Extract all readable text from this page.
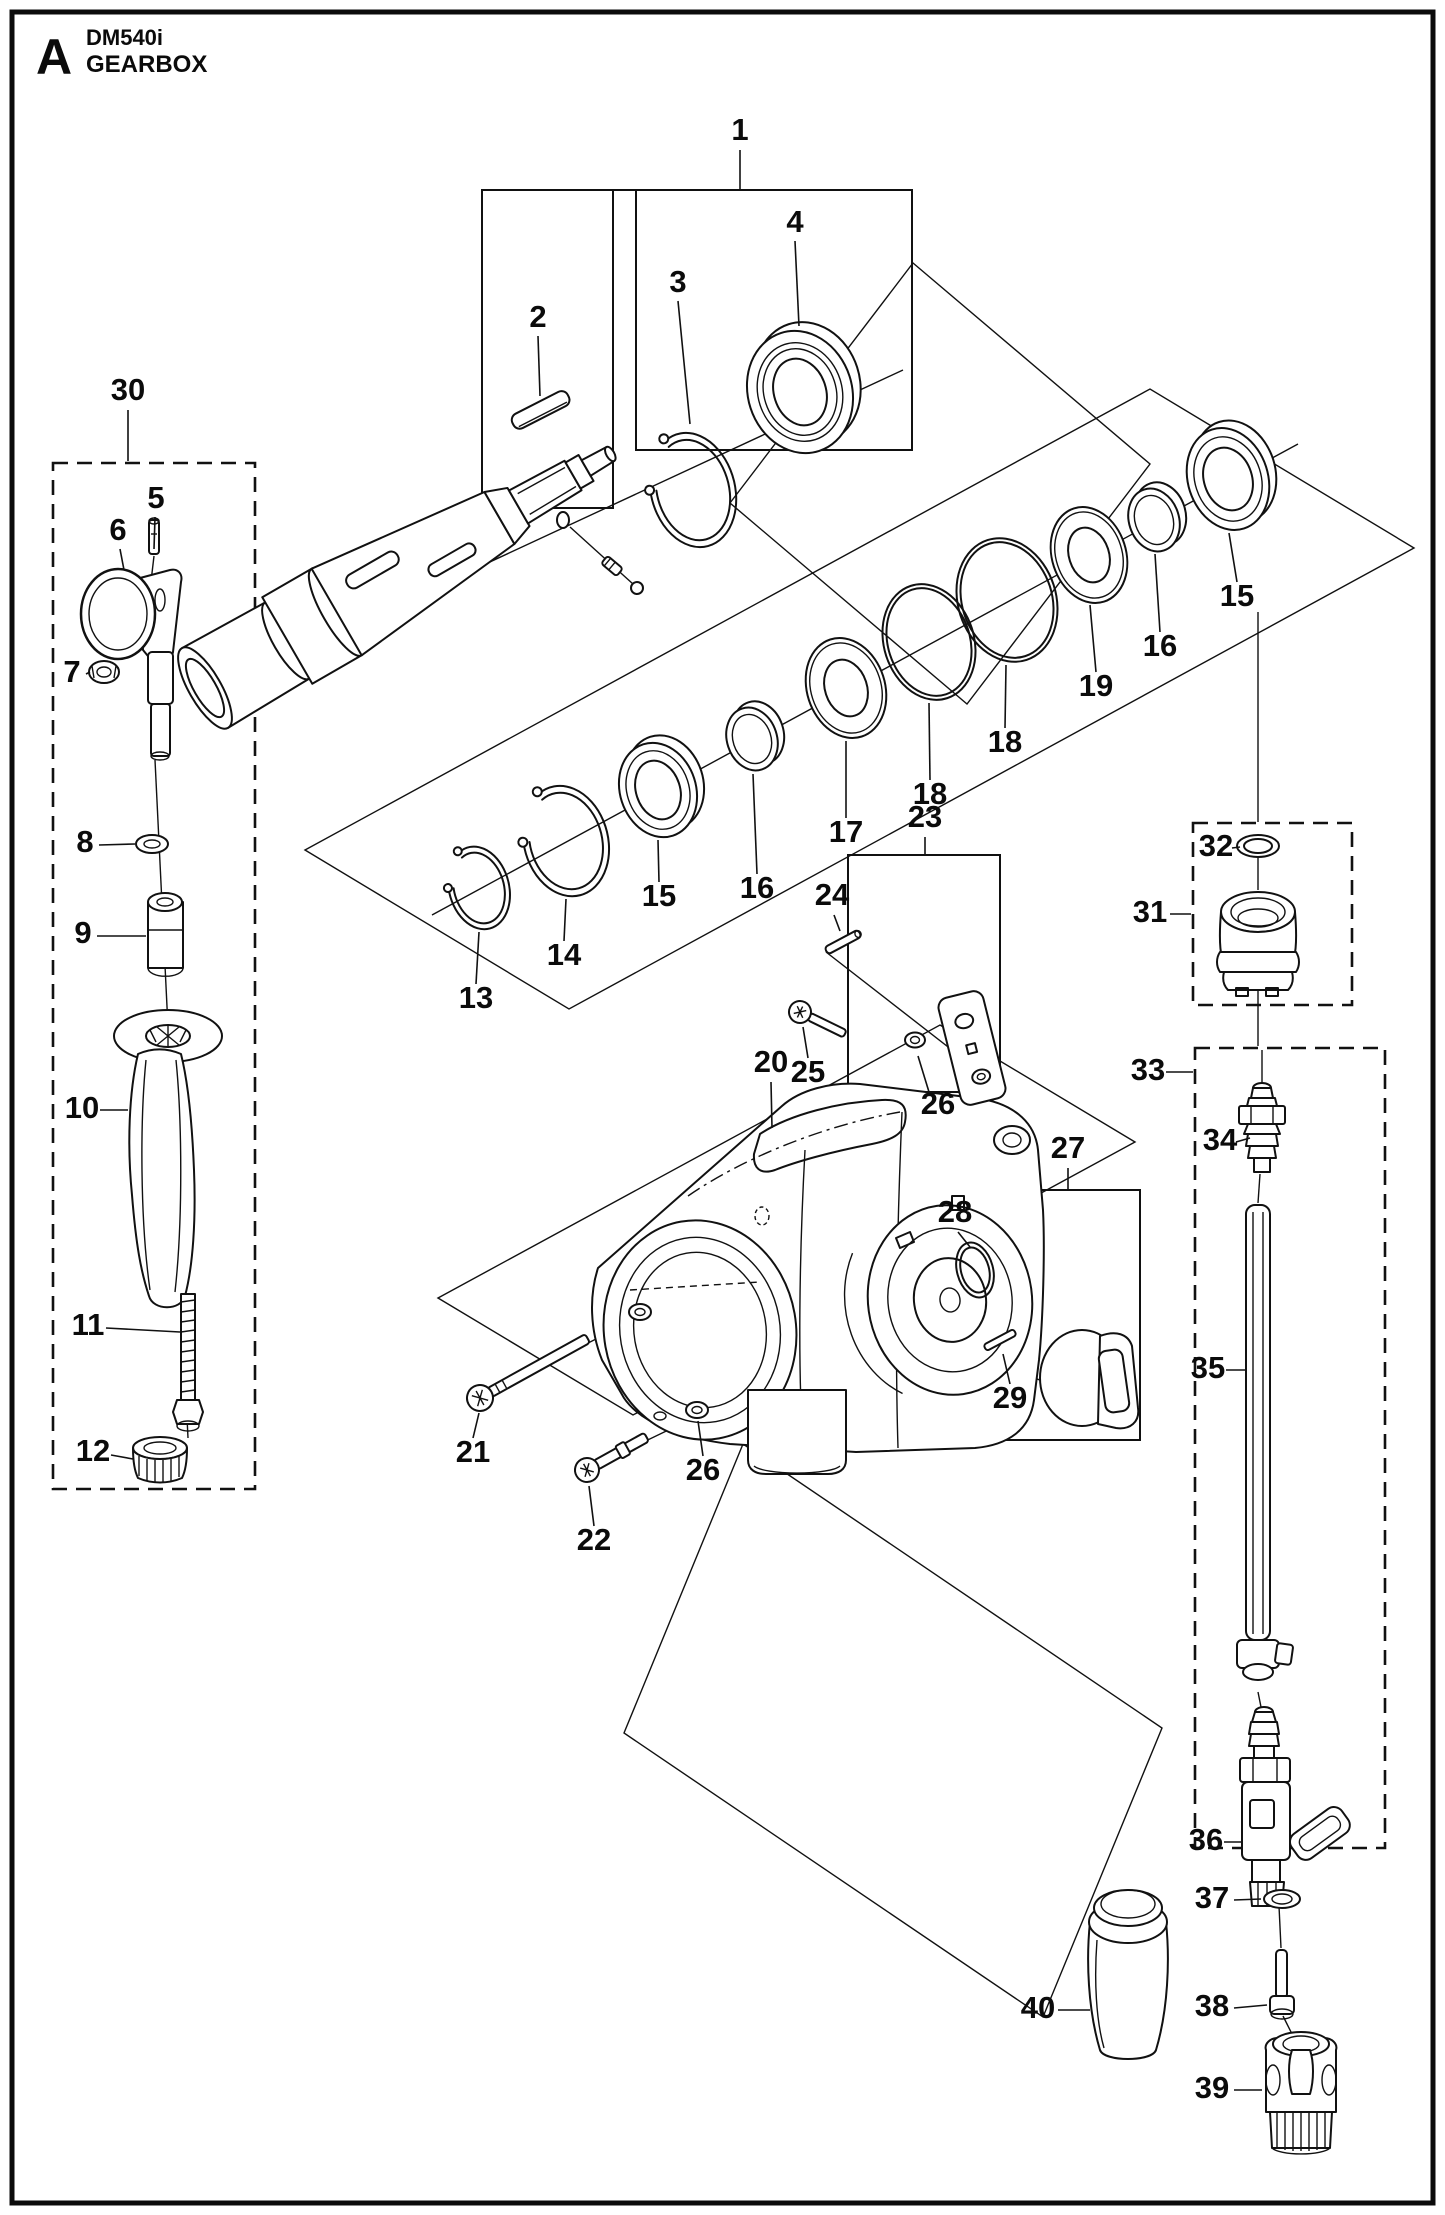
A DM540i
GEARBOX
1
2
3
4
30
5
6
7
8
9
10
11
12
13
14
15 16
17
18
18
19
16
15
20
23
24
25
26
21
22
26
27
28
29
31
32
33
34
35
36
37
38
39
40
